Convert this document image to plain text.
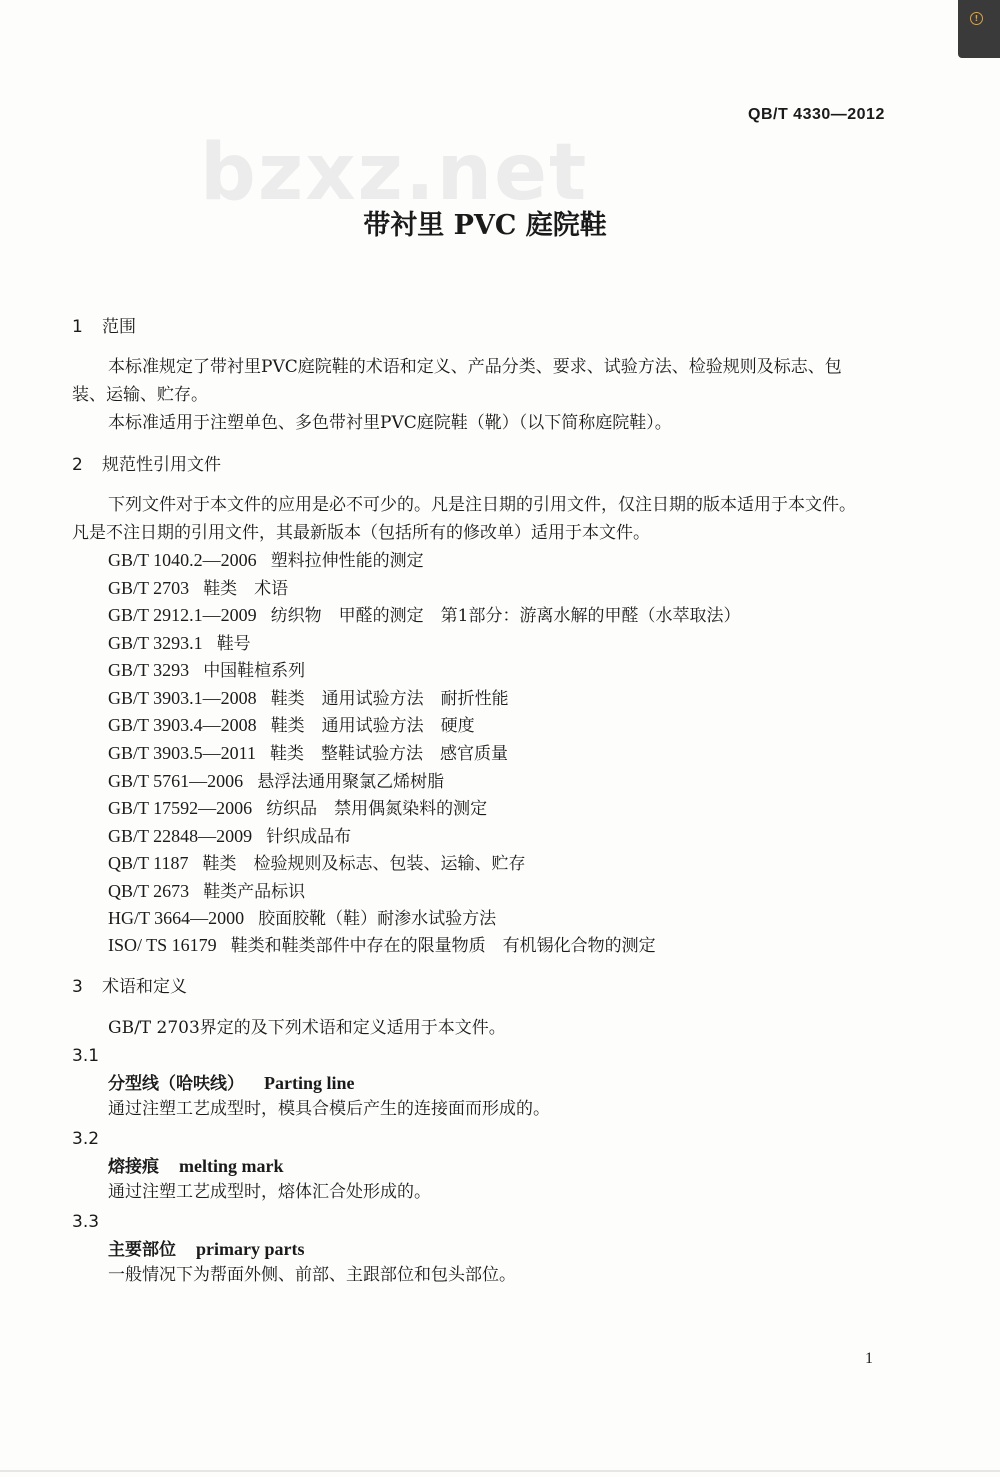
!
QB/T 4330—2012
bzxz.net
带衬里 PVC 庭院鞋
1 范围
本标准规定了带衬里PVC庭院鞋的术语和定义、产品分类、要求、试验方法、检验规则及标志、包
装、运输、贮存。
本标准适用于注塑单色、多色带衬里PVC庭院鞋（靴）（以下简称庭院鞋）。
2 规范性引用文件
下列文件对于本文件的应用是必不可少的。凡是注日期的引用文件，仅注日期的版本适用于本文件。
凡是不注日期的引用文件，其最新版本（包括所有的修改单）适用于本文件。
GB/T 1040.2—2006 塑料拉伸性能的测定
GB/T 2703 鞋类　术语
GB/T 2912.1—2009 纺织物　甲醛的测定　第1部分：游离水解的甲醛（水萃取法）
GB/T 3293.1 鞋号
GB/T 3293 中国鞋楦系列
GB/T 3903.1—2008 鞋类　通用试验方法　耐折性能
GB/T 3903.4—2008 鞋类　通用试验方法　硬度
GB/T 3903.5—2011 鞋类　整鞋试验方法　感官质量
GB/T 5761—2006 悬浮法通用聚氯乙烯树脂
GB/T 17592—2006 纺织品　禁用偶氮染料的测定
GB/T 22848—2009 针织成品布
QB/T 1187 鞋类　检验规则及标志、包装、运输、贮存
QB/T 2673 鞋类产品标识
HG/T 3664—2000 胶面胶靴（鞋）耐渗水试验方法
ISO/ TS 16179 鞋类和鞋类部件中存在的限量物质　有机锡化合物的测定
3 术语和定义
GB/T 2703界定的及下列术语和定义适用于本文件。
3.1
分型线（哈呋线） Parting line
通过注塑工艺成型时，模具合模后产生的连接面而形成的。
3.2
熔接痕 melting mark
通过注塑工艺成型时，熔体汇合处形成的。
3.3
主要部位 primary parts
一般情况下为帮面外侧、前部、主跟部位和包头部位。
1
